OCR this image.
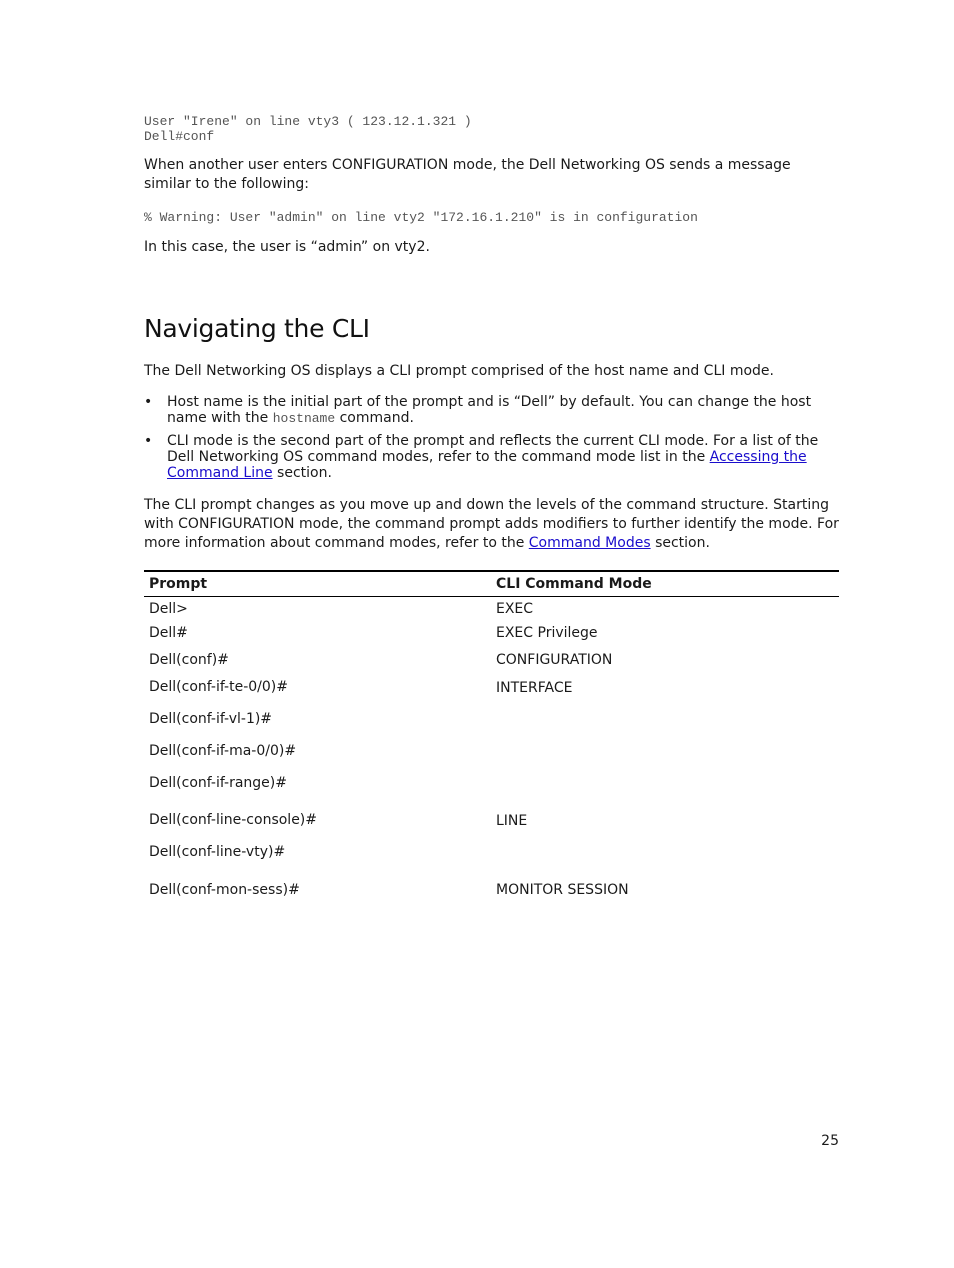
User "Irene" on line vty3 ( 123.12.1.321 )
Dell#conf

When another user enters CONFIGURATION mode, the Dell Networking OS sends a message similar to the following:

% Warning: User "admin" on line vty2 "172.16.1.210" is in configuration

In this case, the user is “admin” on vty2.

Navigating the CLI

The Dell Networking OS displays a CLI prompt comprised of the host name and CLI mode.

• Host name is the initial part of the prompt and is “Dell” by default. You can change the host name with the hostname command.
• CLI mode is the second part of the prompt and reflects the current CLI mode. For a list of the Dell Networking OS command modes, refer to the command mode list in the Accessing the Command Line section.

The CLI prompt changes as you move up and down the levels of the command structure. Starting with CONFIGURATION mode, the command prompt adds modifiers to further identify the mode. For more information about command modes, refer to the Command Modes section.

Prompt	CLI Command Mode
Dell>	EXEC
Dell#	EXEC Privilege
Dell(conf)#	CONFIGURATION
Dell(conf-if-te-0/0)#	INTERFACE
Dell(conf-if-vl-1)#	
Dell(conf-if-ma-0/0)#	
Dell(conf-if-range)#	
Dell(conf-line-console)#	LINE
Dell(conf-line-vty)#	
Dell(conf-mon-sess)#	MONITOR SESSION
25
